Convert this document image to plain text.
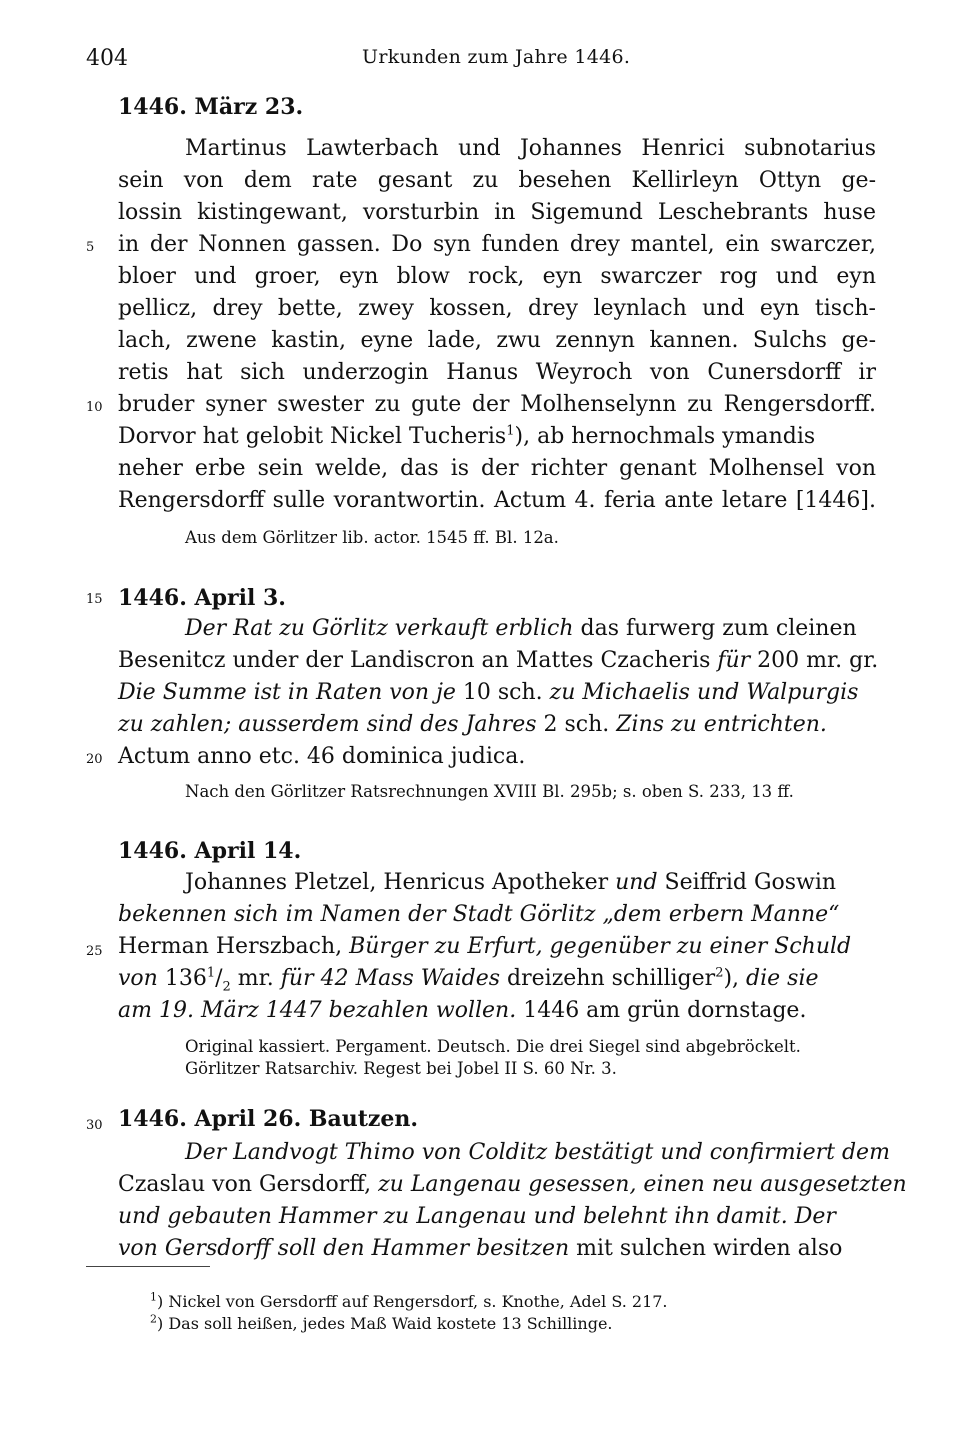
404	Urkunden zum Jahre 1446.
1446. März 23.
Martinus Lawterbach und Johannes Henrici subnotarius
sein von dem rate gesant zu besehen Kellirleyn Ottyn ge-
lossin kistingewant, vorsturbin in Sigemund Leschebrants huse
in der Nonnen gassen. Do syn funden drey mantel, ein swarczer,
bloer und groer, eyn blow rock, eyn swarczer rog und eyn
pellicz, drey bette, zwey kossen, drey leynlach und eyn tisch-
lach, zwene kastin, eyne lade, zwu zennyn kannen. Sulchs ge-
retis hat sich underzogin Hanus Weyroch von Cunersdorff ir
bruder syner swester zu gute der Molhenselynn zu Rengersdorff.
Dorvor hat gelobit Nickel Tucheris$^1$), ab hernochmals ymandis
neher erbe sein welde, das is der richter genant Molhensel von
Rengersdorff sulle vorantwortin. Actum 4. feria ante letare [1446].
Aus dem Görlitzer lib. actor. 1545 ff. Bl. 12a.
1446. April 3.
Der Rat zu Görlitz verkauft erblich das furwerg zum cleinen
Besenitcz under der Landiscron an Mattes Czacheris für 200 mr. gr.
Die Summe ist in Raten von je 10 sch. zu Michaelis und Walpurgis
zu zahlen; ausserdem sind des Jahres 2 sch. Zins zu entrichten.
Actum anno etc. 46 dominica judica.
Nach den Görlitzer Ratsrechnungen XVIII Bl. 295b; s. oben S. 233, 13 ff.
1446. April 14.
Johannes Pletzel, Henricus Apotheker und Seiffrid Goswin
bekennen sich im Namen der Stadt Görlitz „dem erbern Manne“
Herman Herszbach, Bürger zu Erfurt, gegenüber zu einer Schuld
von $136^1/_2$ mr. für 42 Mass Waides dreizehn schilliger$^2$), die sie
am 19. März 1447 bezahlen wollen. 1446 am grün dornstage.
Original kassiert. Pergament. Deutsch. Die drei Siegel sind abgebröckelt.
Görlitzer Ratsarchiv. Regest bei Jobel II S. 60 Nr. 3.
1446. April 26. Bautzen.
Der Landvogt Thimo von Colditz bestätigt und confirmiert dem
Czaslau von Gersdorff, zu Langenau gesessen, einen neu ausgesetzten
und gebauten Hammer zu Langenau und belehnt ihn damit. Der
von Gersdorff soll den Hammer besitzen mit sulchen wirden also
5
10
15
20
25
30
$^1$) Nickel von Gersdorff auf Rengersdorf, s. Knothe, Adel S. 217.
$^2$) Das soll heißen, jedes Maß Waid kostete 13 Schillinge.
